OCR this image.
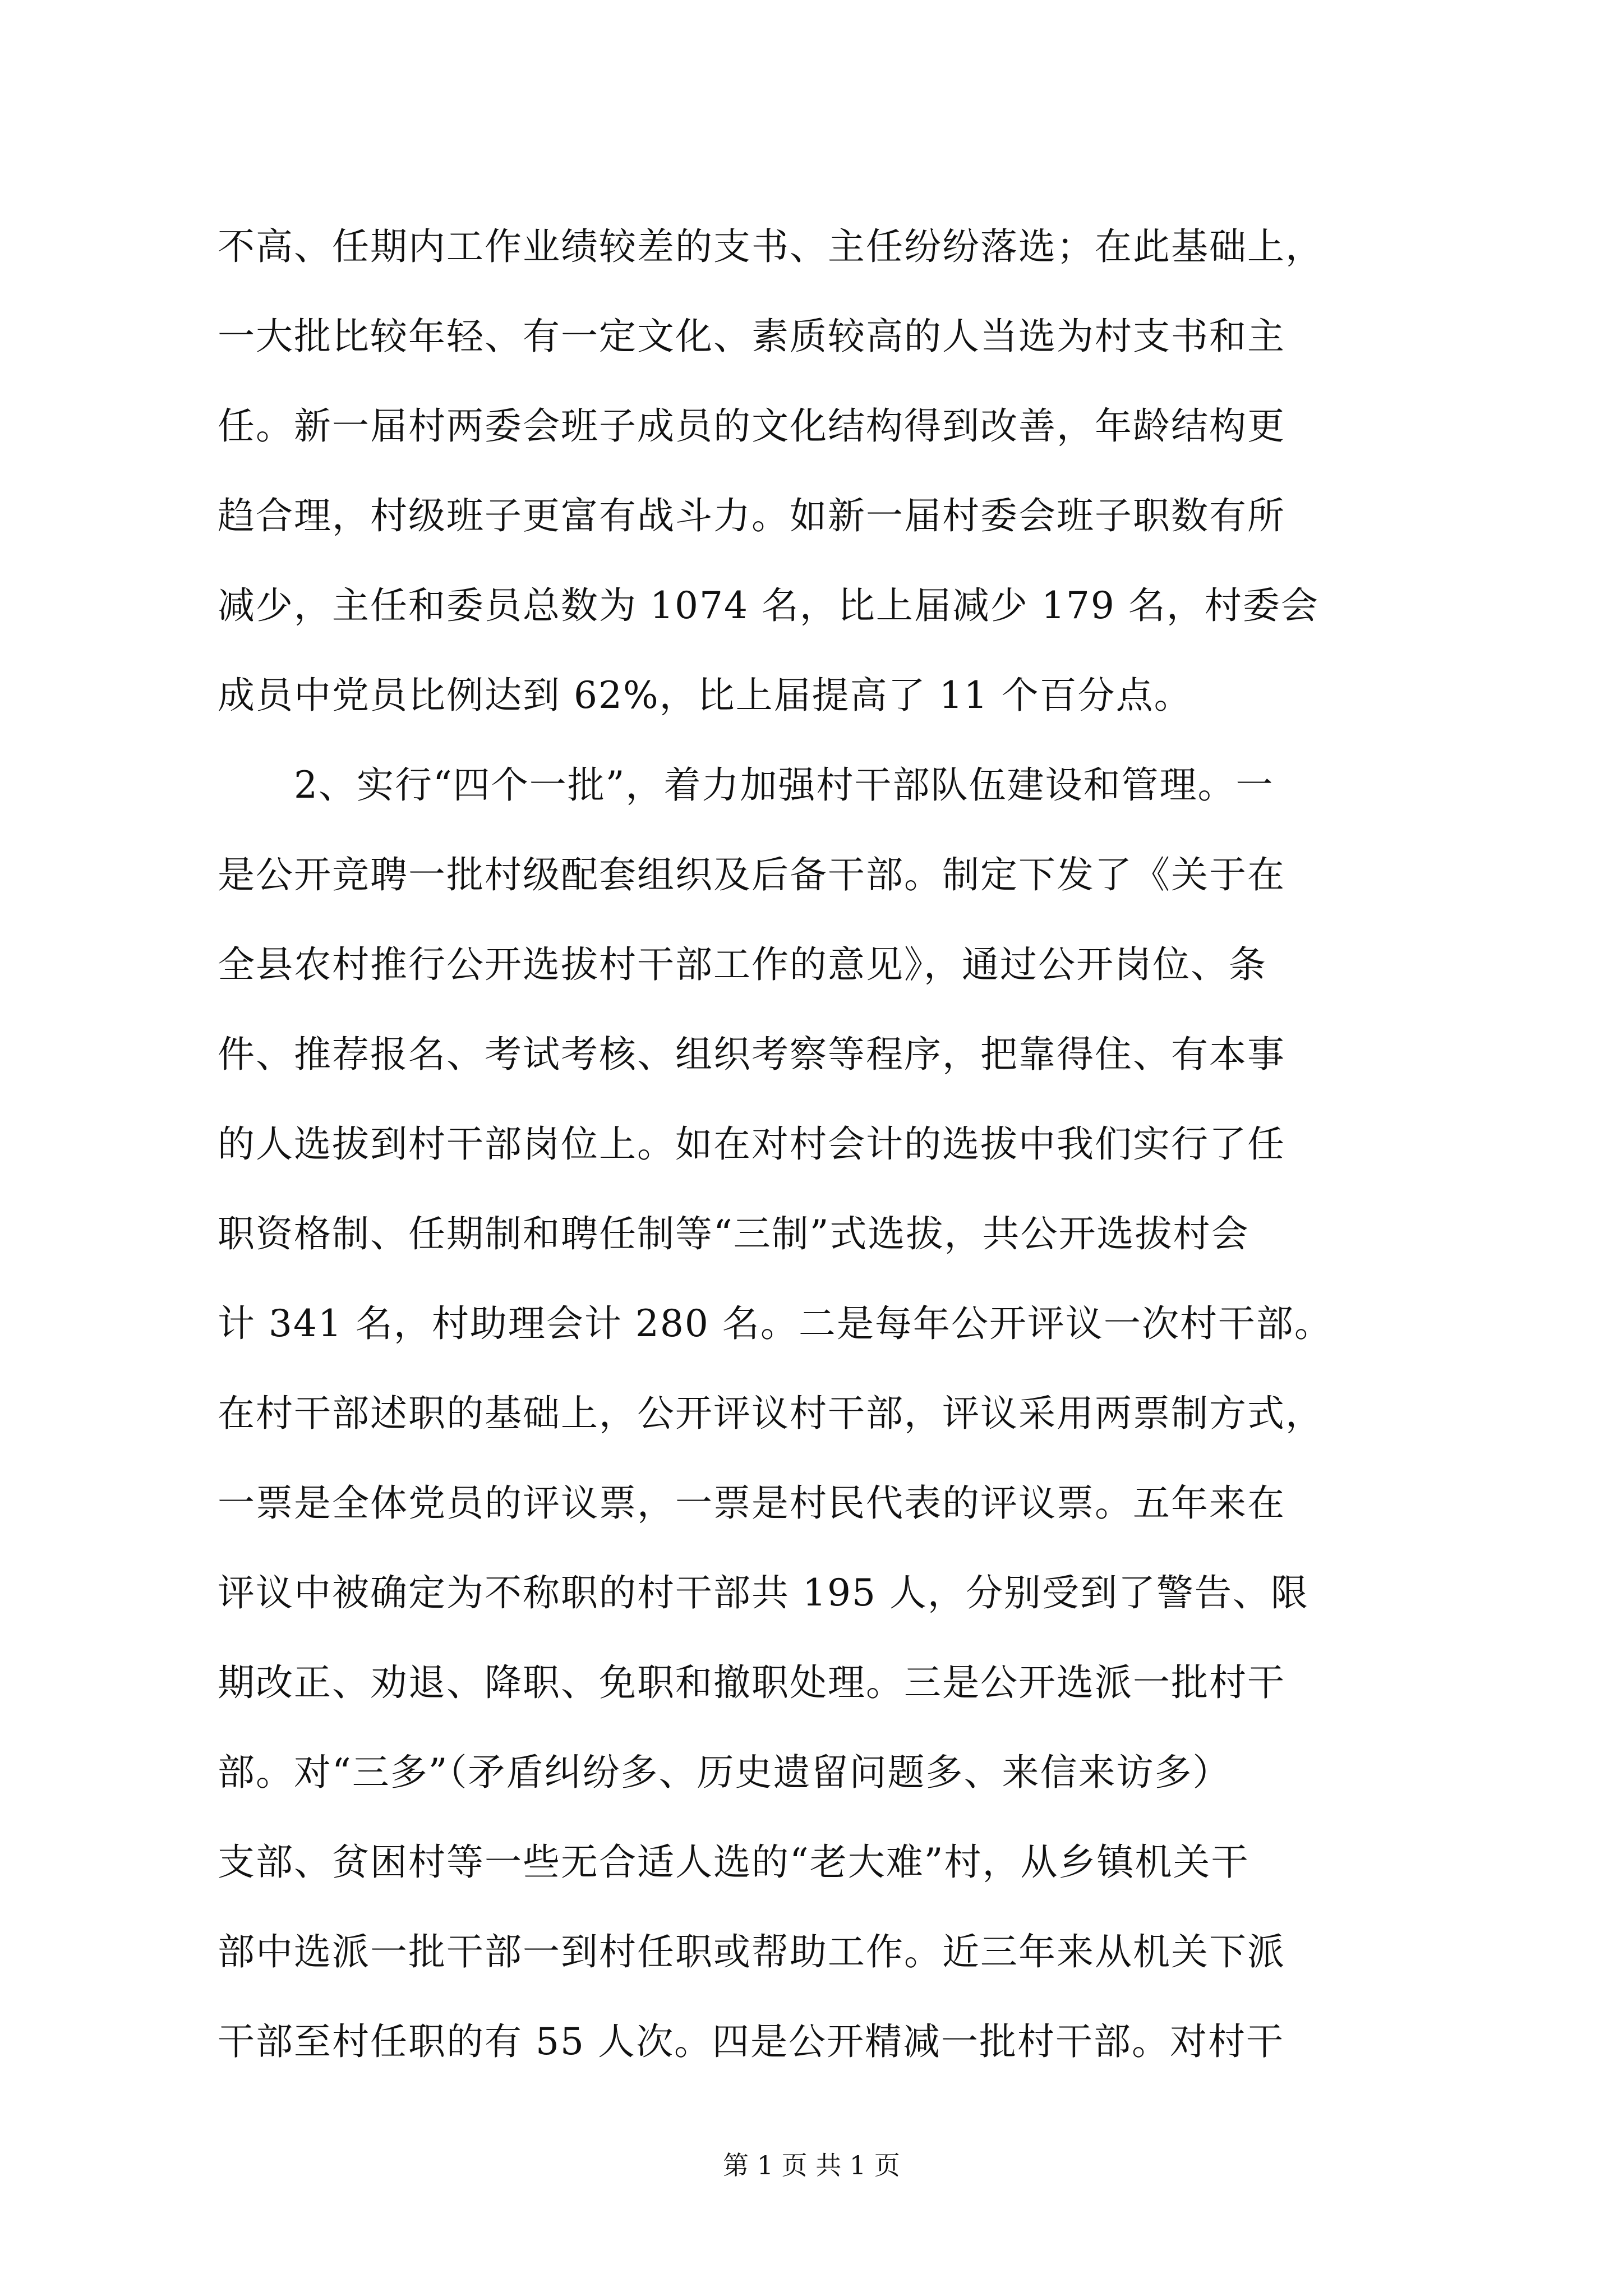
不高、任期内工作业绩较差的支书、主任纷纷落选；在此基础上，
一大批比较年轻、有一定文化、素质较高的人当选为村支书和主
任。新一届村两委会班子成员的文化结构得到改善，年龄结构更
趋合理，村级班子更富有战斗力。如新一届村委会班子职数有所
减少，主任和委员总数为 1074 名，比上届减少 179 名，村委会
成员中党员比例达到 62%，比上届提高了 11 个百分点。
　　2、实行“四个一批”，着力加强村干部队伍建设和管理。一
是公开竞聘一批村级配套组织及后备干部。制定下发了《关于在
全县农村推行公开选拔村干部工作的意见》，通过公开岗位、条
件、推荐报名、考试考核、组织考察等程序，把靠得住、有本事
的人选拔到村干部岗位上。如在对村会计的选拔中我们实行了任
职资格制、任期制和聘任制等“三制”式选拔，共公开选拔村会
计 341 名，村助理会计 280 名。二是每年公开评议一次村干部。
在村干部述职的基础上，公开评议村干部，评议采用两票制方式，
一票是全体党员的评议票，一票是村民代表的评议票。五年来在
评议中被确定为不称职的村干部共 195 人，分别受到了警告、限
期改正、劝退、降职、免职和撤职处理。三是公开选派一批村干
部。对“三多”（矛盾纠纷多、历史遗留问题多、来信来访多）
支部、贫困村等一些无合适人选的“老大难”村，从乡镇机关干
部中选派一批干部一到村任职或帮助工作。近三年来从机关下派
干部至村任职的有 55 人次。四是公开精减一批村干部。对村干
第 1 页 共 1 页
